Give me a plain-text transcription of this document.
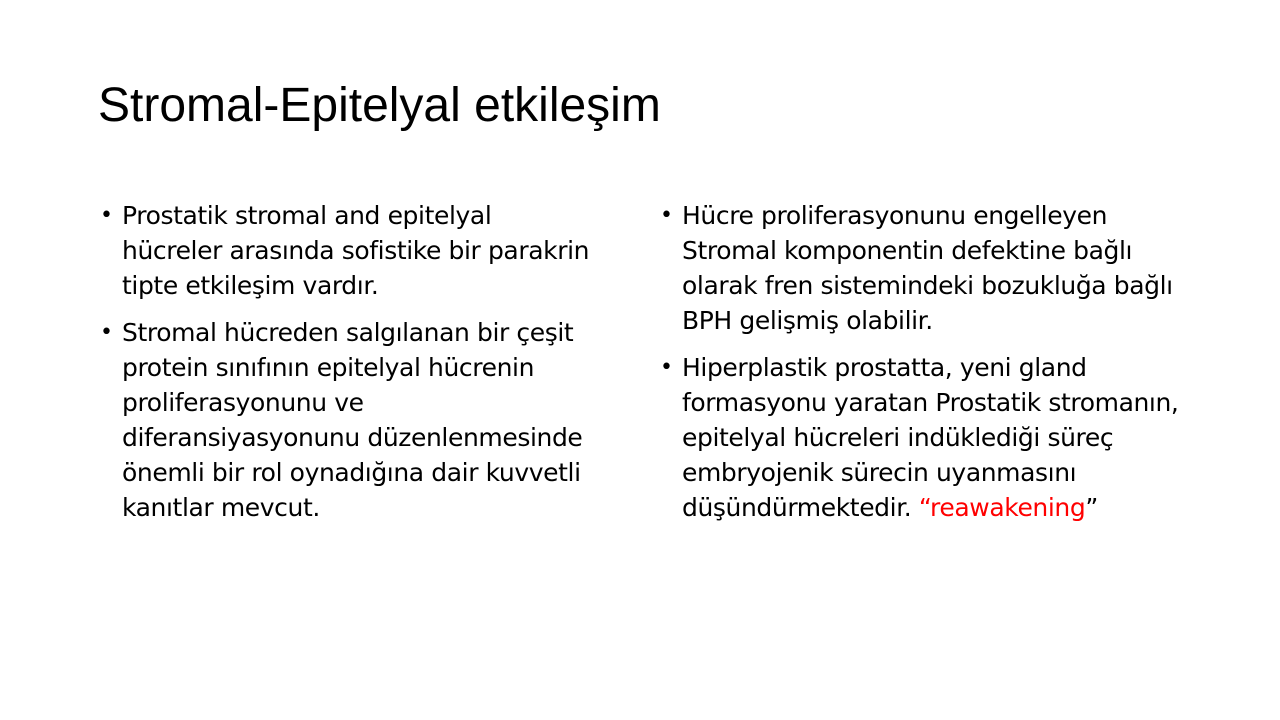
Stromal-Epitelyal etkileşim
• Prostatik stromal and epitelyal hücreler arasında sofistike bir parakrin tipte etkileşim vardır.
• Stromal hücreden salgılanan bir çeşit protein sınıfının epitelyal hücrenin proliferasyonunu ve diferansiyasyonunu düzenlenmesinde önemli bir rol oynadığına dair kuvvetli kanıtlar mevcut.
• Hücre proliferasyonunu engelleyen Stromal komponentin defektine bağlı olarak fren sistemindeki bozukluğa bağlı BPH gelişmiş olabilir.
• Hiperplastik prostatta, yeni gland formasyonu yaratan Prostatik stromanın, epitelyal hücreleri indüklediği süreç embryojenik sürecin uyanmasını düşündürmektedir. “reawakening”
